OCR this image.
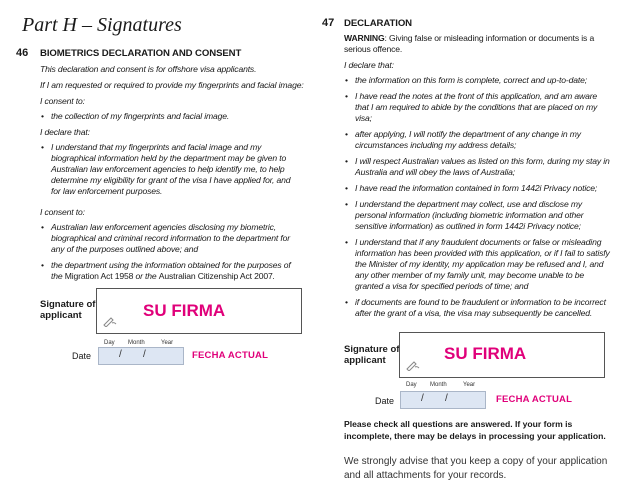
Part H – Signatures
46 BIOMETRICS DECLARATION AND CONSENT
This declaration and consent is for offshore visa applicants.
If I am requested or required to provide my fingerprints and facial image:
I consent to:
• the collection of my fingerprints and facial image.
I declare that:
• I understand that my fingerprints and facial image and my biographical information held by the department may be given to Australian law enforcement agencies to help identify me, to help determine my eligibility for grant of the visa I have applied for, and for law enforcement purposes.
I consent to:
• Australian law enforcement agencies disclosing my biometric, biographical and criminal record information to the department for any of the purposes outlined above; and
• the department using the information obtained for the purposes of the Migration Act 1958 or the Australian Citizenship Act 2007.
Signature of applicant	SU FIRMA
Day Month	Year
Date	/ /	FECHA ACTUAL
47 DECLARATION
WARNING: Giving false or misleading information or documents is a serious offence.
I declare that:
• the information on this form is complete, correct and up-to-date;
• I have read the notes at the front of this application, and am aware that I am required to abide by the conditions that are placed on my visa;
• after applying, I will notify the department of any change in my circumstances including my address details;
• I will respect Australian values as listed on this form, during my stay in Australia and will obey the laws of Australia;
• I have read the information contained in form 1442i Privacy notice;
• I understand the department may collect, use and disclose my personal information (including biometric information and other sensitive information) as outlined in form 1442i Privacy notice;
• I understand that if any fraudulent documents or false or misleading information has been provided with this application, or if I fail to satisfy the Minister of my identity, my application may be refused and I, and any other member of my family unit, may become unable to be granted a visa for specified periods of time; and
• if documents are found to be fraudulent or information to be incorrect after the grant of a visa, the visa may subsequently be cancelled.
Signature of applicant	SU FIRMA
Day Month	Year
Date	/ /	FECHA ACTUAL
Please check all questions are answered. If your form is incomplete, there may be delays in processing your application.
We strongly advise that you keep a copy of your application and all attachments for your records.
